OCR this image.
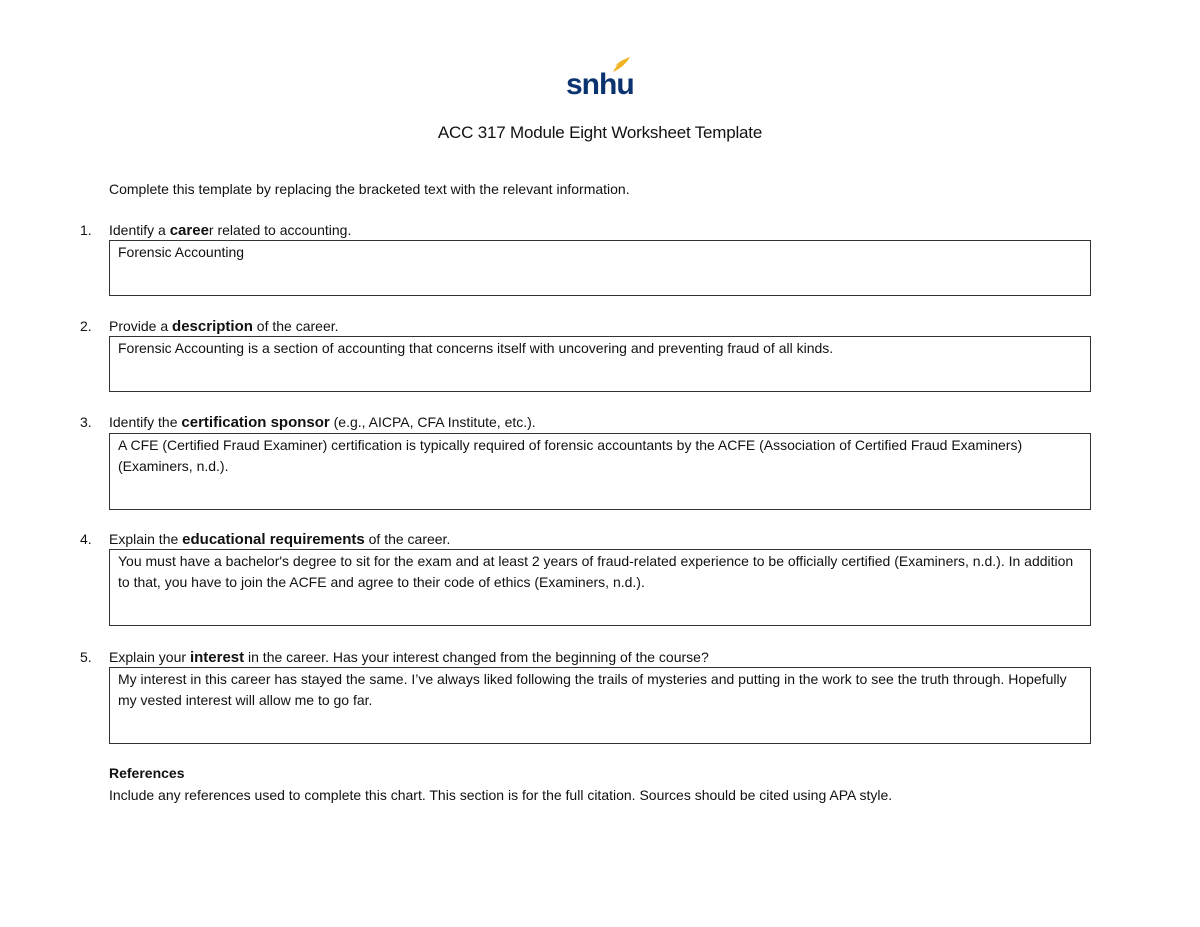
snhu
ACC 317 Module Eight Worksheet Template
Complete this template by replacing the bracketed text with the relevant information.
1.	Identify a career related to accounting.
Forensic Accounting
2.	Provide a description of the career.
Forensic Accounting is a section of accounting that concerns itself with uncovering and preventing fraud of all kinds.
3.	Identify the certification sponsor (e.g., AICPA, CFA Institute, etc.).
A CFE (Certified Fraud Examiner) certification is typically required of forensic accountants by the ACFE (Association of Certified Fraud Examiners) (Examiners, n.d.).
4.	Explain the educational requirements of the career.
You must have a bachelor's degree to sit for the exam and at least 2 years of fraud-related experience to be officially certified (Examiners, n.d.). In addition to that, you have to join the ACFE and agree to their code of ethics (Examiners, n.d.).
5.	Explain your interest in the career. Has your interest changed from the beginning of the course?
My interest in this career has stayed the same. I’ve always liked following the trails of mysteries and putting in the work to see the truth through. Hopefully my vested interest will allow me to go far.
References
Include any references used to complete this chart. This section is for the full citation. Sources should be cited using APA style.
